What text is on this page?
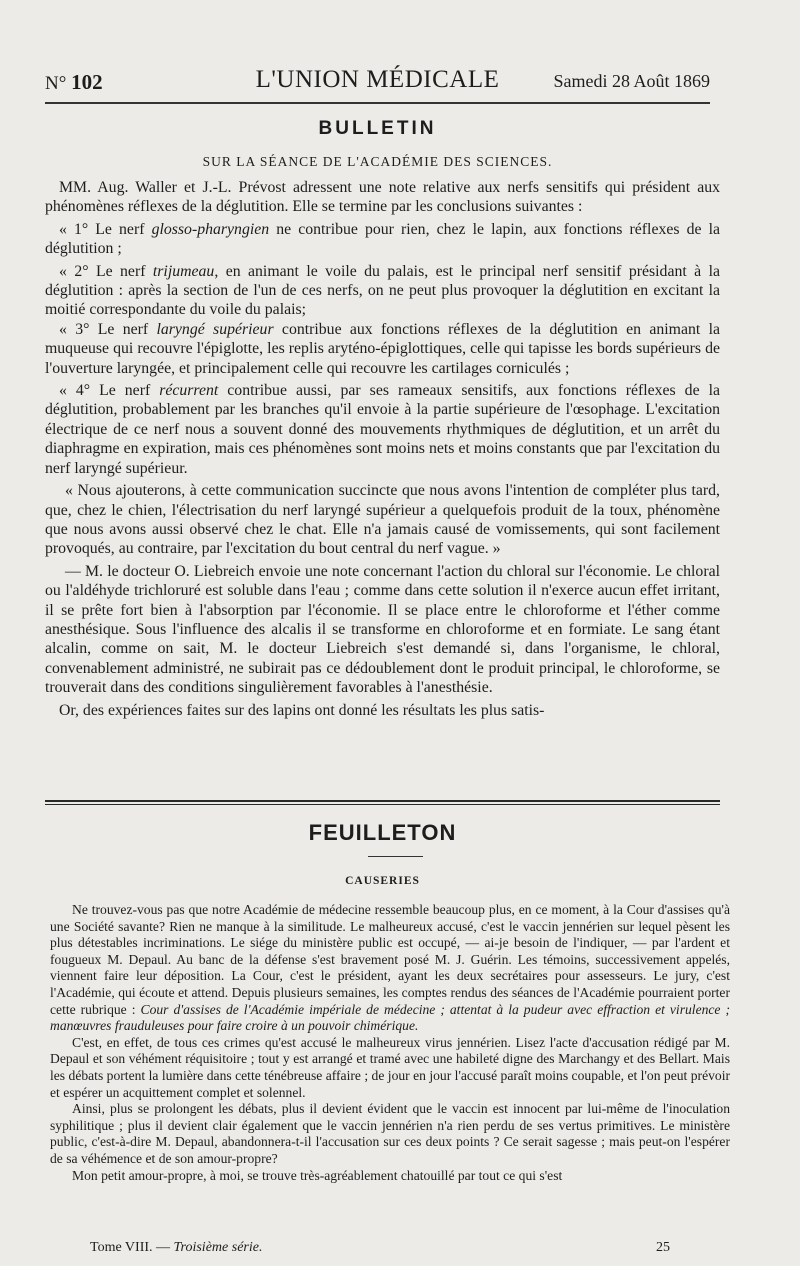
N° 102	L'UNION MÉDICALE	Samedi 28 Août 1869
BULLETIN
SUR LA SÉANCE DE L'ACADÉMIE DES SCIENCES.

MM. Aug. Waller et J.-L. Prévost adressent une note relative aux nerfs sensitifs qui président aux phénomènes réflexes de la déglutition. Elle se termine par les conclusions suivantes :

« 1° Le nerf glosso-pharyngien ne contribue pour rien, chez le lapin, aux fonctions réflexes de la déglutition ;

« 2° Le nerf trijumeau, en animant le voile du palais, est le principal nerf sensitif présidant à la déglutition : après la section de l'un de ces nerfs, on ne peut plus provoquer la déglutition en excitant la moitié correspondante du voile du palais;

« 3° Le nerf laryngé supérieur contribue aux fonctions réflexes de la déglutition en animant la muqueuse qui recouvre l'épiglotte, les replis aryténo-épiglottiques, celle qui tapisse les bords supérieurs de l'ouverture laryngée, et principalement celle qui recouvre les cartilages corniculés ;

« 4° Le nerf récurrent contribue aussi, par ses rameaux sensitifs, aux fonctions réflexes de la déglutition, probablement par les branches qu'il envoie à la partie supérieure de l'œsophage. L'excitation électrique de ce nerf nous a souvent donné des mouvements rhythmiques de déglutition, et un arrêt du diaphragme en expiration, mais ces phénomènes sont moins nets et moins constants que par l'excitation du nerf laryngé supérieur.

« Nous ajouterons, à cette communication succincte que nous avons l'intention de compléter plus tard, que, chez le chien, l'électrisation du nerf laryngé supérieur a quelquefois produit de la toux, phénomène que nous avons aussi observé chez le chat. Elle n'a jamais causé de vomissements, qui sont facilement provoqués, au contraire, par l'excitation du bout central du nerf vague. »

— M. le docteur O. Liebreich envoie une note concernant l'action du chloral sur l'économie. Le chloral ou l'aldéhyde trichloruré est soluble dans l'eau ; comme dans cette solution il n'exerce aucun effet irritant, il se prête fort bien à l'absorption par l'économie. Il se place entre le chloroforme et l'éther comme anesthésique. Sous l'influence des alcalis il se transforme en chloroforme et en formiate. Le sang étant alcalin, comme on sait, M. le docteur Liebreich s'est demandé si, dans l'organisme, le chloral, convenablement administré, ne subirait pas ce dédoublement dont le produit principal, le chloroforme, se trouverait dans des conditions singulièrement favorables à l'anesthésie.

Or, des expériences faites sur des lapins ont donné les résultats les plus satis-

FEUILLETON
CAUSERIES

Ne trouvez-vous pas que notre Académie de médecine ressemble beaucoup plus, en ce moment, à la Cour d'assises qu'à une Société savante? Rien ne manque à la similitude. Le malheureux accusé, c'est le vaccin jennérien sur lequel pèsent les plus détestables incriminations. Le siége du ministère public est occupé, — ai-je besoin de l'indiquer, — par l'ardent et fougueux M. Depaul. Au banc de la défense s'est bravement posé M. J. Guérin. Les témoins, successivement appelés, viennent faire leur déposition. La Cour, c'est le président, ayant les deux secrétaires pour assesseurs. Le jury, c'est l'Académie, qui écoute et attend. Depuis plusieurs semaines, les comptes rendus des séances de l'Académie pourraient porter cette rubrique : Cour d'assises de l'Académie impériale de médecine ; attentat à la pudeur avec effraction et virulence ; manœuvres frauduleuses pour faire croire à un pouvoir chimérique.

C'est, en effet, de tous ces crimes qu'est accusé le malheureux virus jennérien. Lisez l'acte d'accusation rédigé par M. Depaul et son véhément réquisitoire ; tout y est arrangé et tramé avec une habileté digne des Marchangy et des Bellart. Mais les débats portent la lumière dans cette ténébreuse affaire ; de jour en jour l'accusé paraît moins coupable, et l'on peut prévoir et espérer un acquittement complet et solennel.

Ainsi, plus se prolongent les débats, plus il devient évident que le vaccin est innocent par lui-même de l'inoculation syphilitique ; plus il devient clair également que le vaccin jennérien n'a rien perdu de ses vertus primitives. Le ministère public, c'est-à-dire M. Depaul, abandonnera-t-il l'accusation sur ces deux points ? Ce serait sagesse ; mais peut-on l'espérer de sa véhémence et de son amour-propre?

Mon petit amour-propre, à moi, se trouve très-agréablement chatouillé par tout ce qui s'est

Tome VIII. — Troisième série.	25
